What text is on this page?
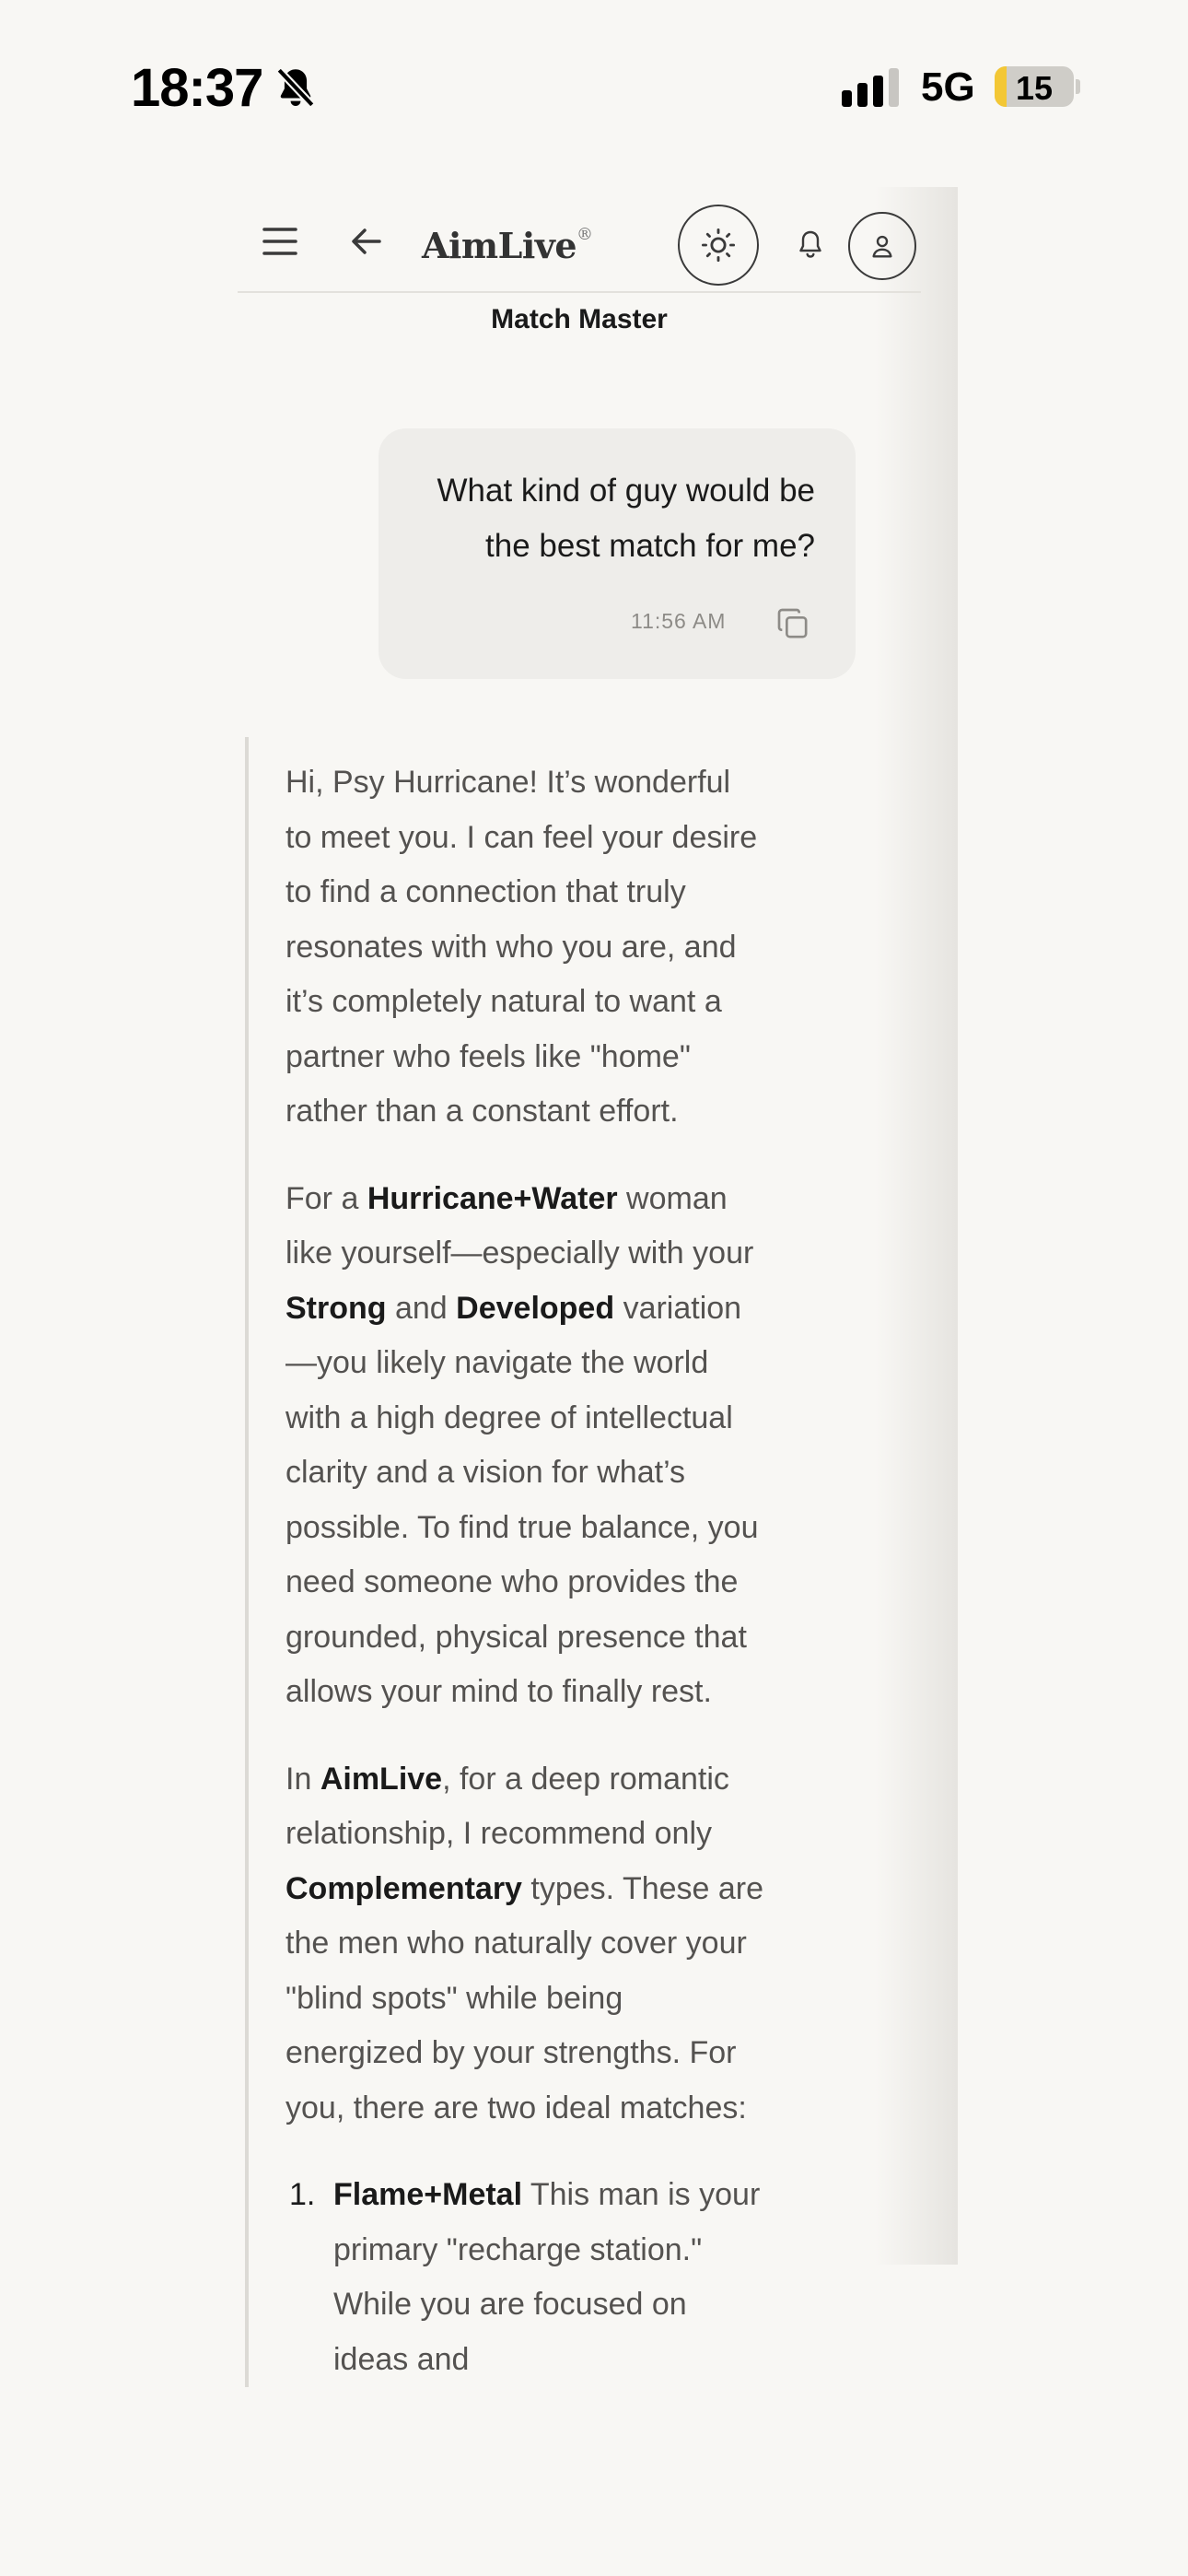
18:37	5G	15
AimLive®
Match Master
What kind of guy would be the best match for me?
11:56 AM

Hi, Psy Hurricane! It’s wonderful to meet you. I can feel your desire to find a connection that truly resonates with who you are, and it’s completely natural to want a partner who feels like "home" rather than a constant effort.

For a Hurricane+Water woman like yourself—especially with your Strong and Developed variation—you likely navigate the world with a high degree of intellectual clarity and a vision for what’s possible. To find true balance, you need someone who provides the grounded, physical presence that allows your mind to finally rest.

In AimLive, for a deep romantic relationship, I recommend only Complementary types. These are the men who naturally cover your "blind spots" while being energized by your strengths. For you, there are two ideal matches:

1. Flame+Metal This man is your primary "recharge station." While you are focused on ideas and
